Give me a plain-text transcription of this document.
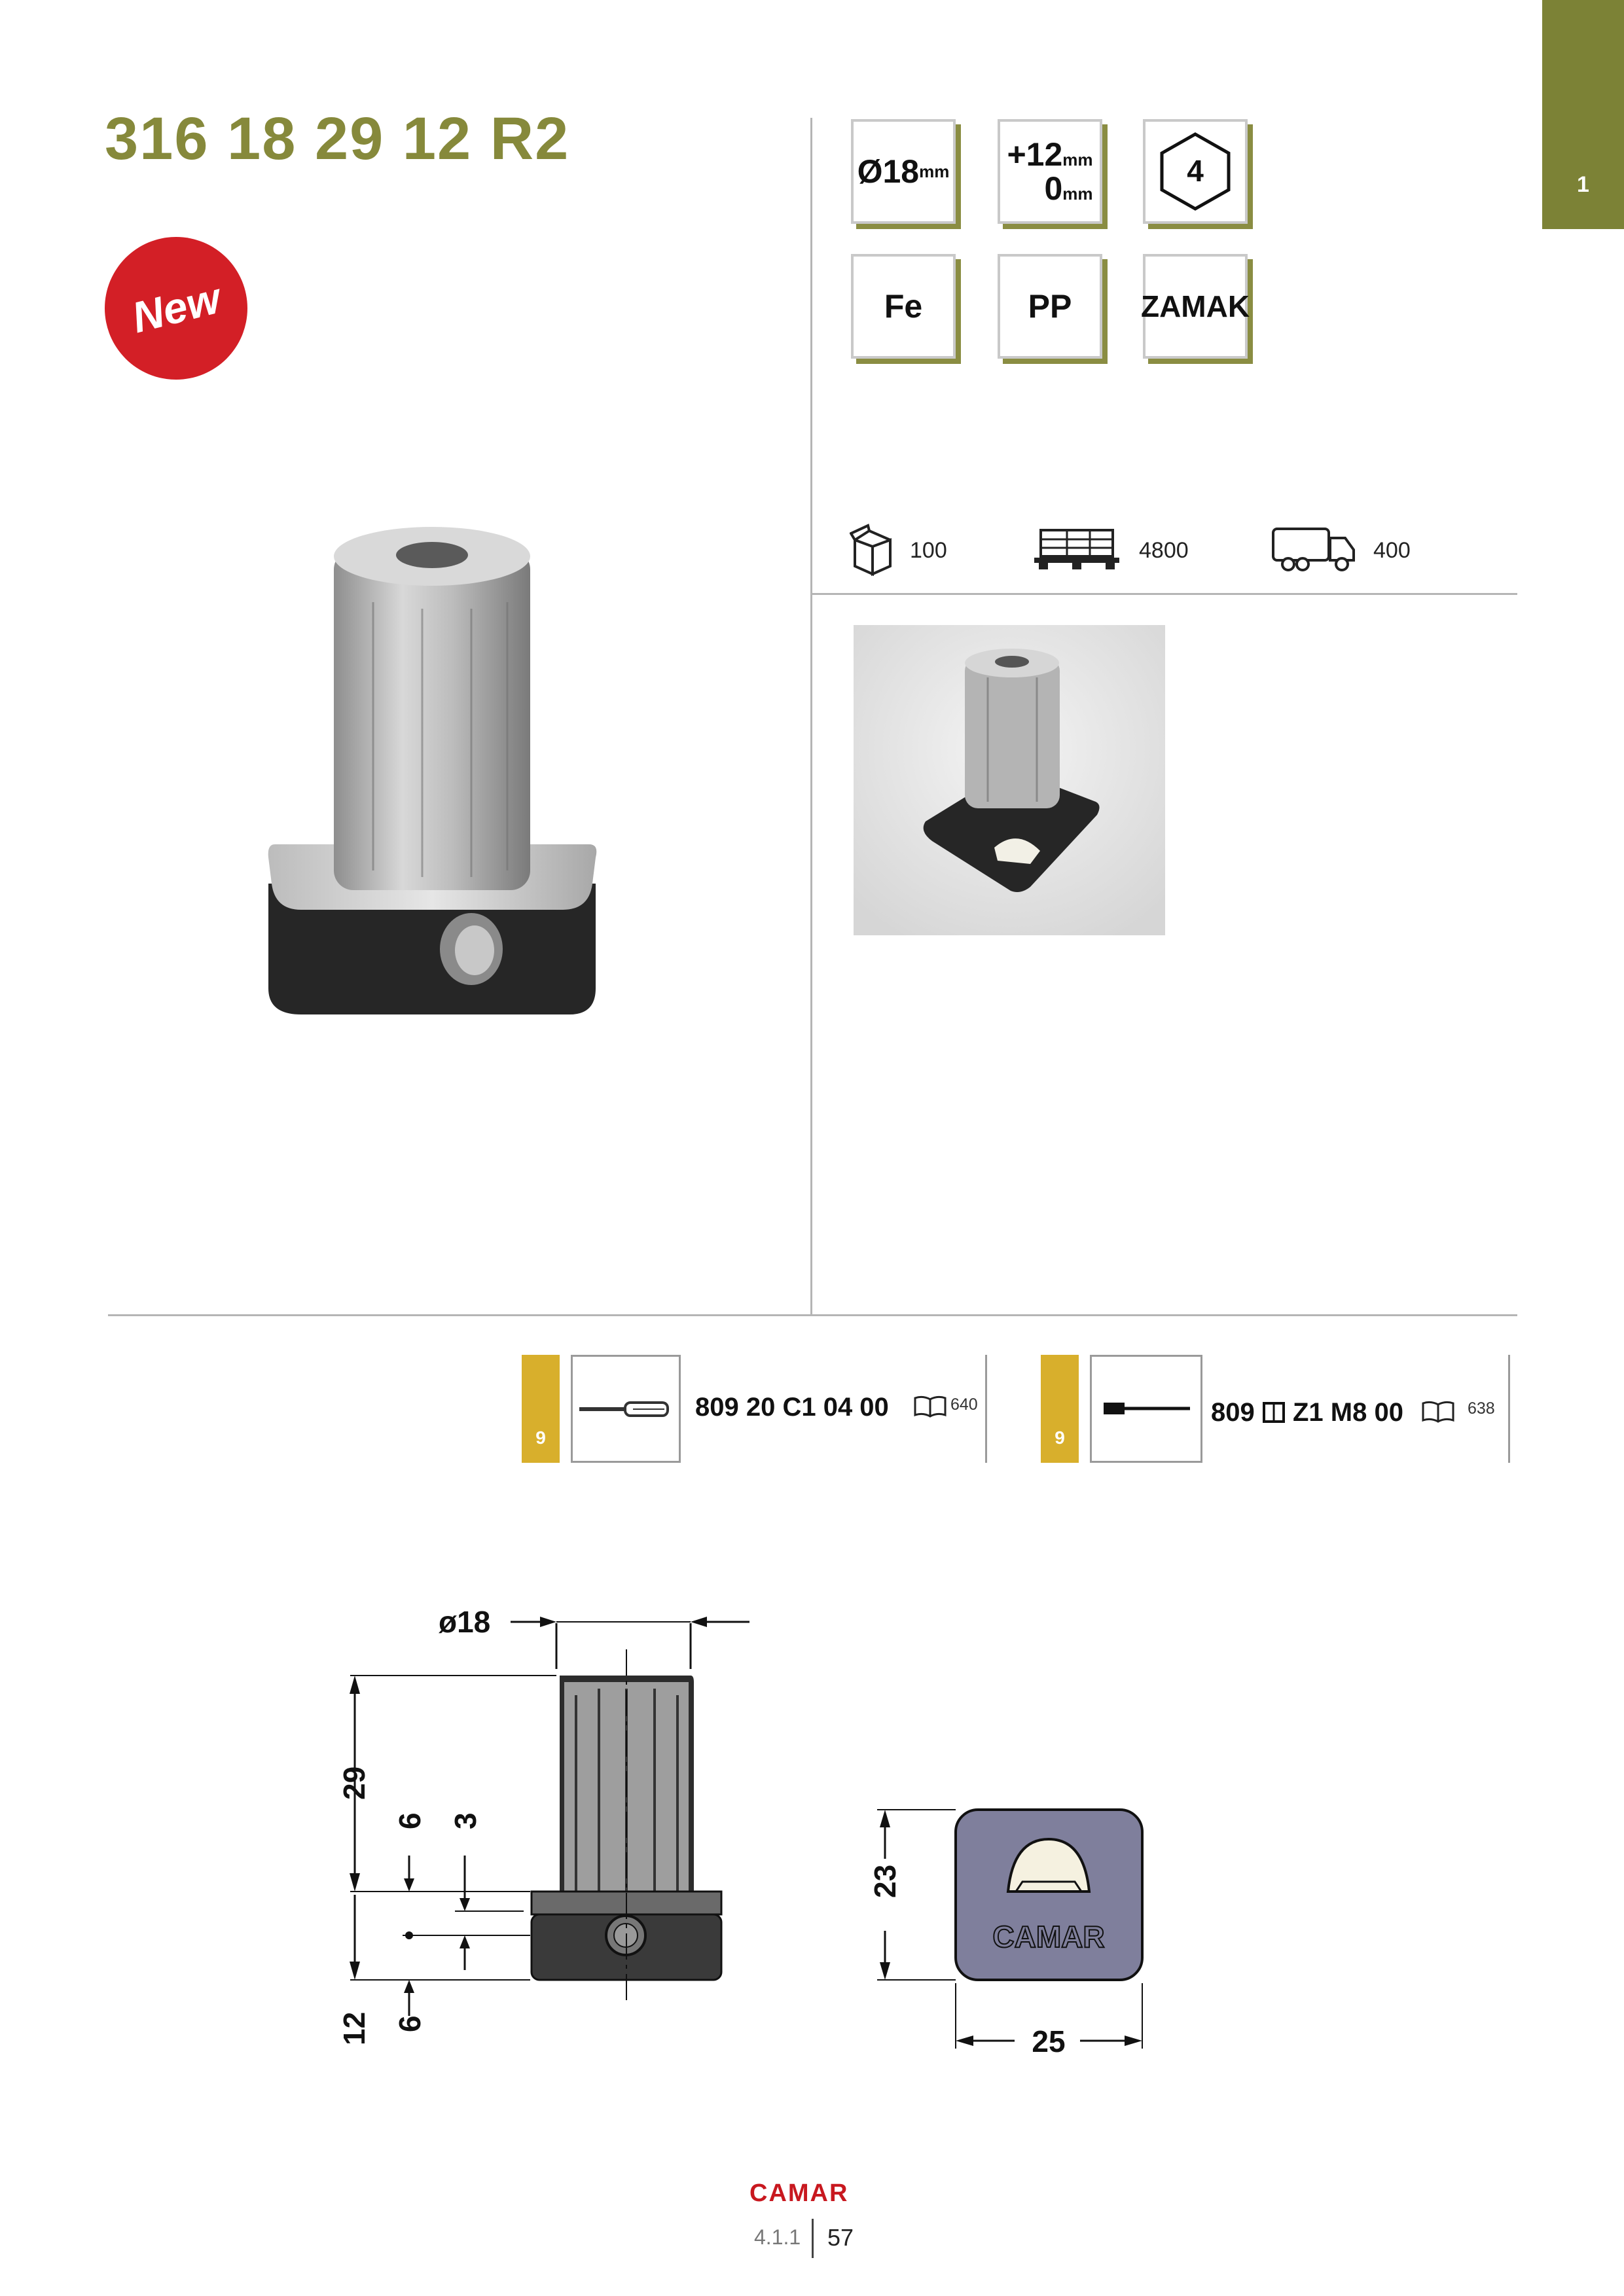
316 18 29 12 R2
1
New
Ø18 mm +12mm
0mm
4
Fe	PP ZAMAK
100	4800	400
9
809 20 C1 04 00	640
9
809 Z1 M8 00	638
ø18
29
12
6
6
3
CAMAR
23
25
CAMAR
4.1.1 57
